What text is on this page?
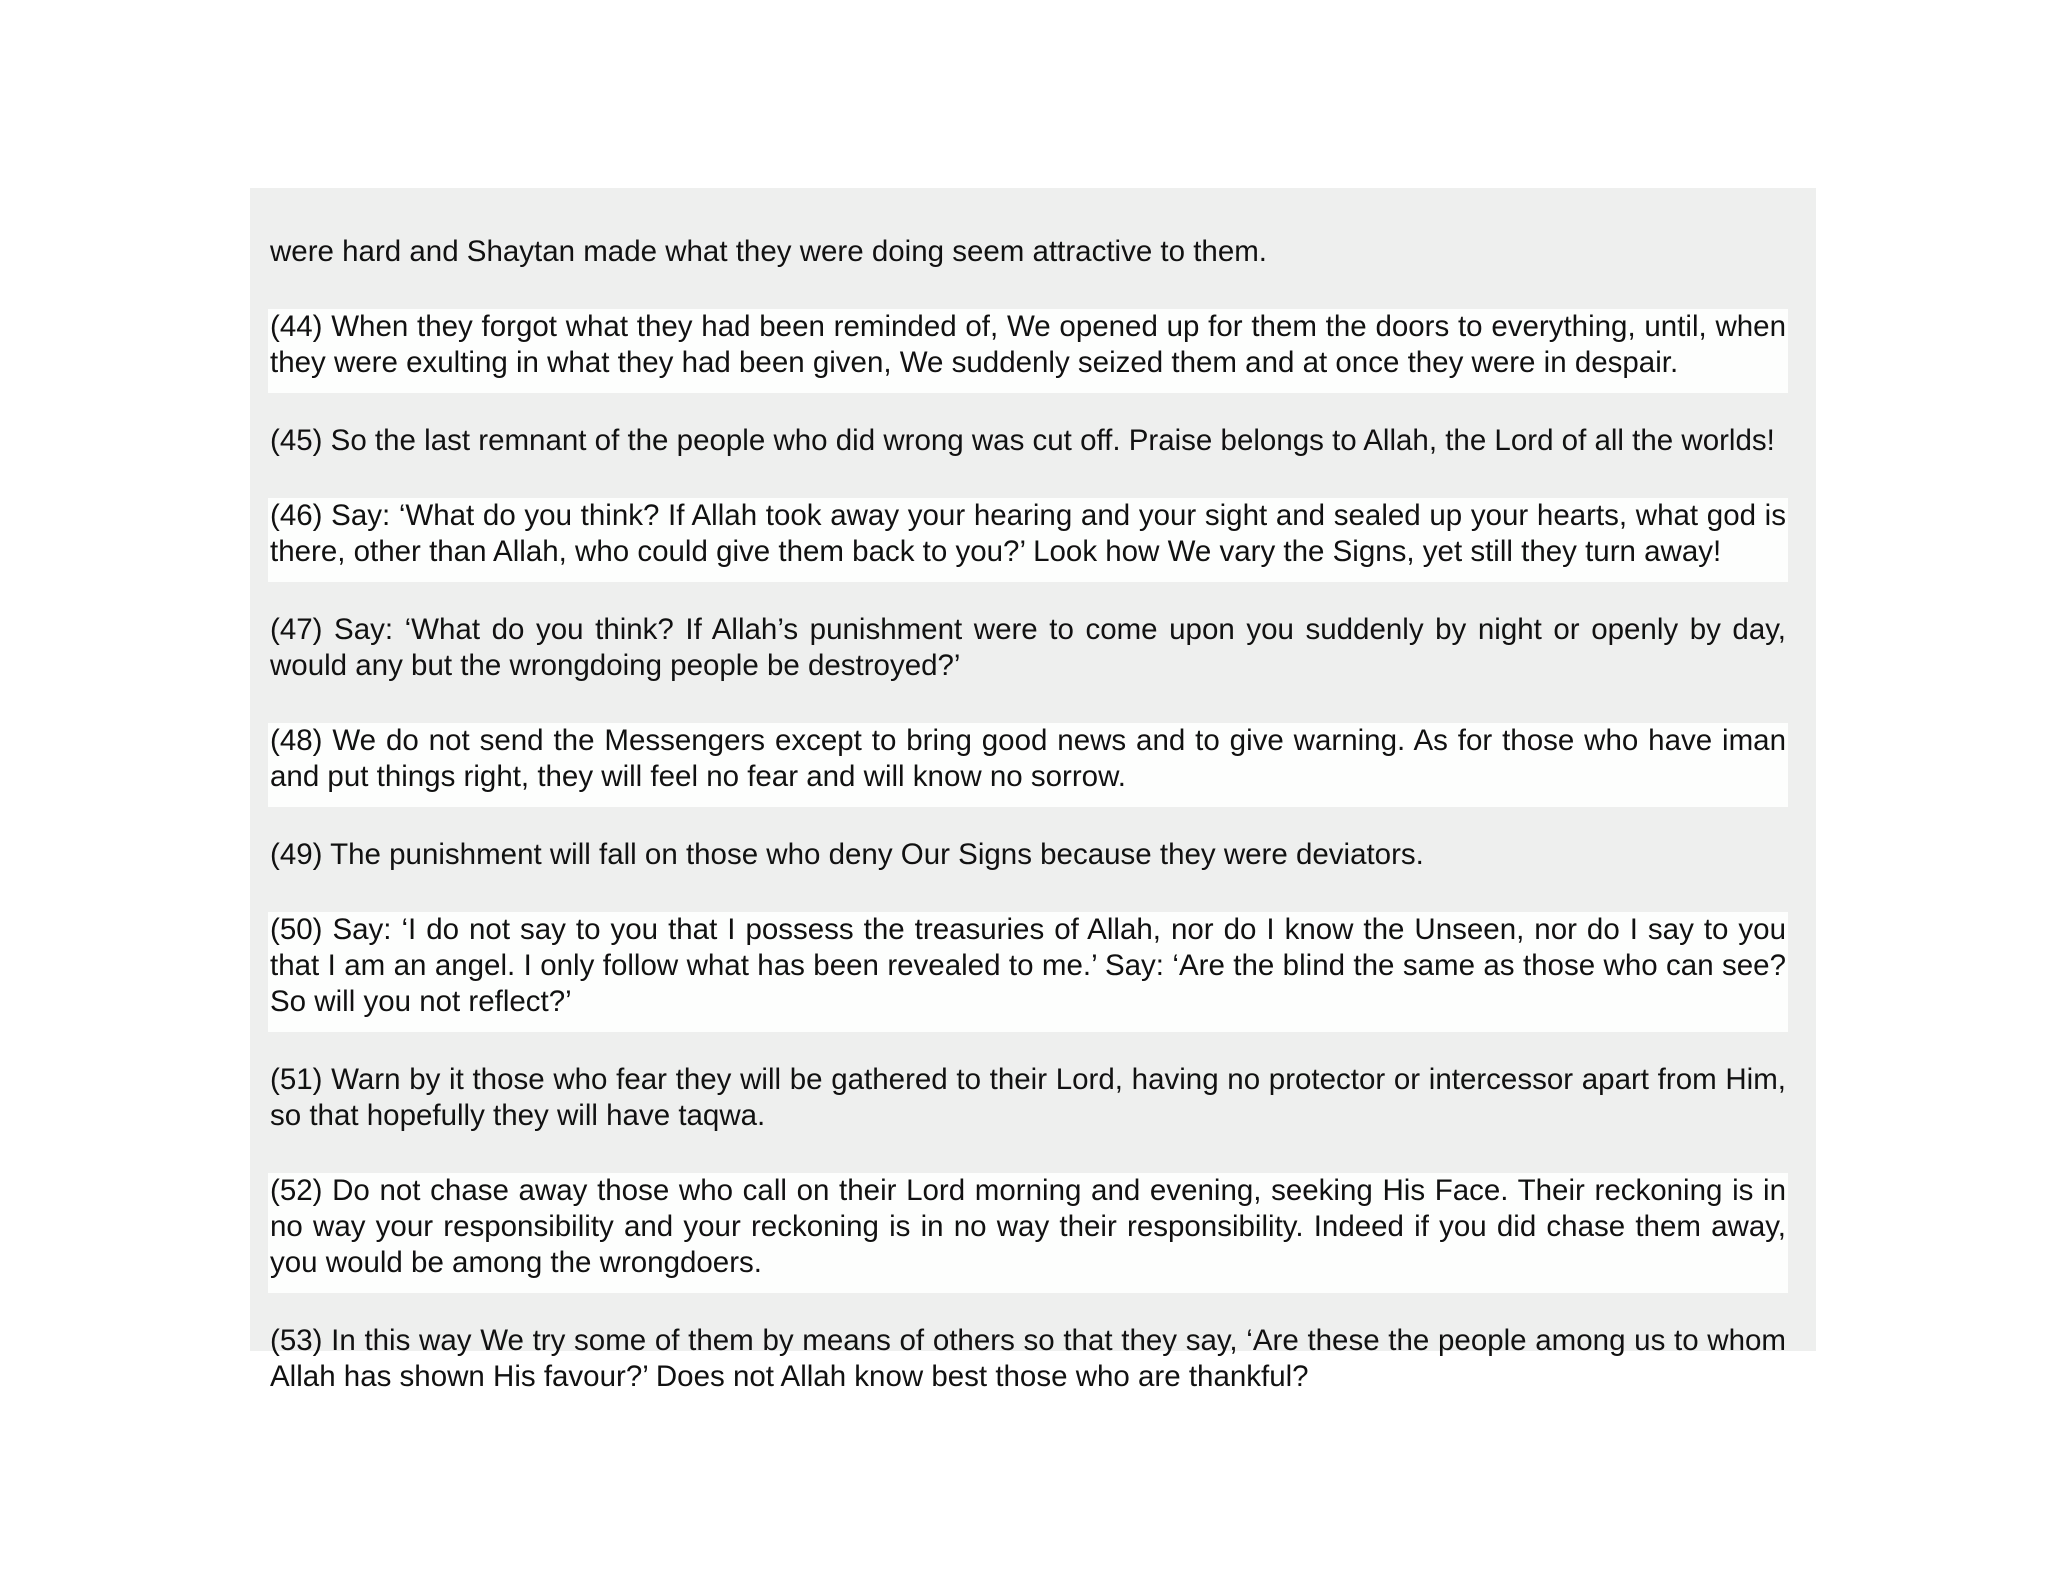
were hard and Shaytan made what they were doing seem attractive to them.

(44) When they forgot what they had been reminded of, We opened up for them the doors to everything, until, when they were exulting in what they had been given, We suddenly seized them and at once they were in despair.

(45) So the last remnant of the people who did wrong was cut off. Praise belongs to Allah, the Lord of all the worlds!

(46) Say: ‘What do you think? If Allah took away your hearing and your sight and sealed up your hearts, what god is there, other than Allah, who could give them back to you?’ Look how We vary the Signs, yet still they turn away!

(47) Say: ‘What do you think? If Allah’s punishment were to come upon you suddenly by night or openly by day, would any but the wrongdoing people be destroyed?’

(48) We do not send the Messengers except to bring good news and to give warning. As for those who have iman and put things right, they will feel no fear and will know no sorrow.

(49) The punishment will fall on those who deny Our Signs because they were deviators.

(50) Say: ‘I do not say to you that I possess the treasuries of Allah, nor do I know the Unseen, nor do I say to you that I am an angel. I only follow what has been revealed to me.’ Say: ‘Are the blind the same as those who can see? So will you not reflect?’

(51) Warn by it those who fear they will be gathered to their Lord, having no protector or intercessor apart from Him, so that hopefully they will have taqwa.

(52) Do not chase away those who call on their Lord morning and evening, seeking His Face. Their reckoning is in no way your responsibility and your reckoning is in no way their responsibility. Indeed if you did chase them away, you would be among the wrongdoers.

(53) In this way We try some of them by means of others so that they say, ‘Are these the people among us to whom Allah has shown His favour?’ Does not Allah know best those who are thankful?
